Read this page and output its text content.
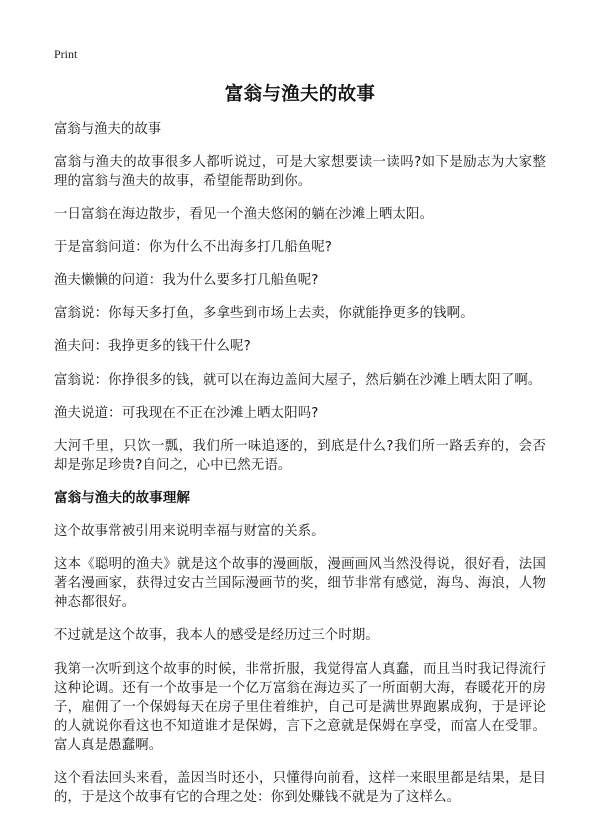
Print
富翁与渔夫的故事

富翁与渔夫的故事

富翁与渔夫的故事很多人都听说过，可是大家想要读一读吗?如下是励志为大家整理的富翁与渔夫的故事，希望能帮助到你。

一日富翁在海边散步，看见一个渔夫悠闲的躺在沙滩上晒太阳。

于是富翁问道：你为什么不出海多打几船鱼呢?

渔夫懒懒的问道：我为什么要多打几船鱼呢?

富翁说：你每天多打鱼，多拿些到市场上去卖，你就能挣更多的钱啊。

渔夫问：我挣更多的钱干什么呢?

富翁说：你挣很多的钱，就可以在海边盖间大屋子，然后躺在沙滩上晒太阳了啊。

渔夫说道：可我现在不正在沙滩上晒太阳吗?

大河千里，只饮一瓢，我们所一味追逐的，到底是什么?我们所一路丢弃的，会否却是弥足珍贵?自问之，心中已然无语。

富翁与渔夫的故事理解

这个故事常被引用来说明幸福与财富的关系。

这本《聪明的渔夫》就是这个故事的漫画版，漫画画风当然没得说，很好看，法国著名漫画家，获得过安古兰国际漫画节的奖，细节非常有感觉，海鸟、海浪，人物神态都很好。

不过就是这个故事，我本人的感受是经历过三个时期。

我第一次听到这个故事的时候，非常折服，我觉得富人真蠢，而且当时我记得流行这种论调。还有一个故事是一个亿万富翁在海边买了一所面朝大海，春暖花开的房子，雇佣了一个保姆每天在房子里住着维护，自己可是满世界跑累成狗，于是评论的人就说你看这也不知道谁才是保姆，言下之意就是保姆在享受，而富人在受罪。富人真是愚蠢啊。

这个看法回头来看，盖因当时还小，只懂得向前看，这样一来眼里都是结果，是目的，于是这个故事有它的合理之处：你到处赚钱不就是为了这样么。
